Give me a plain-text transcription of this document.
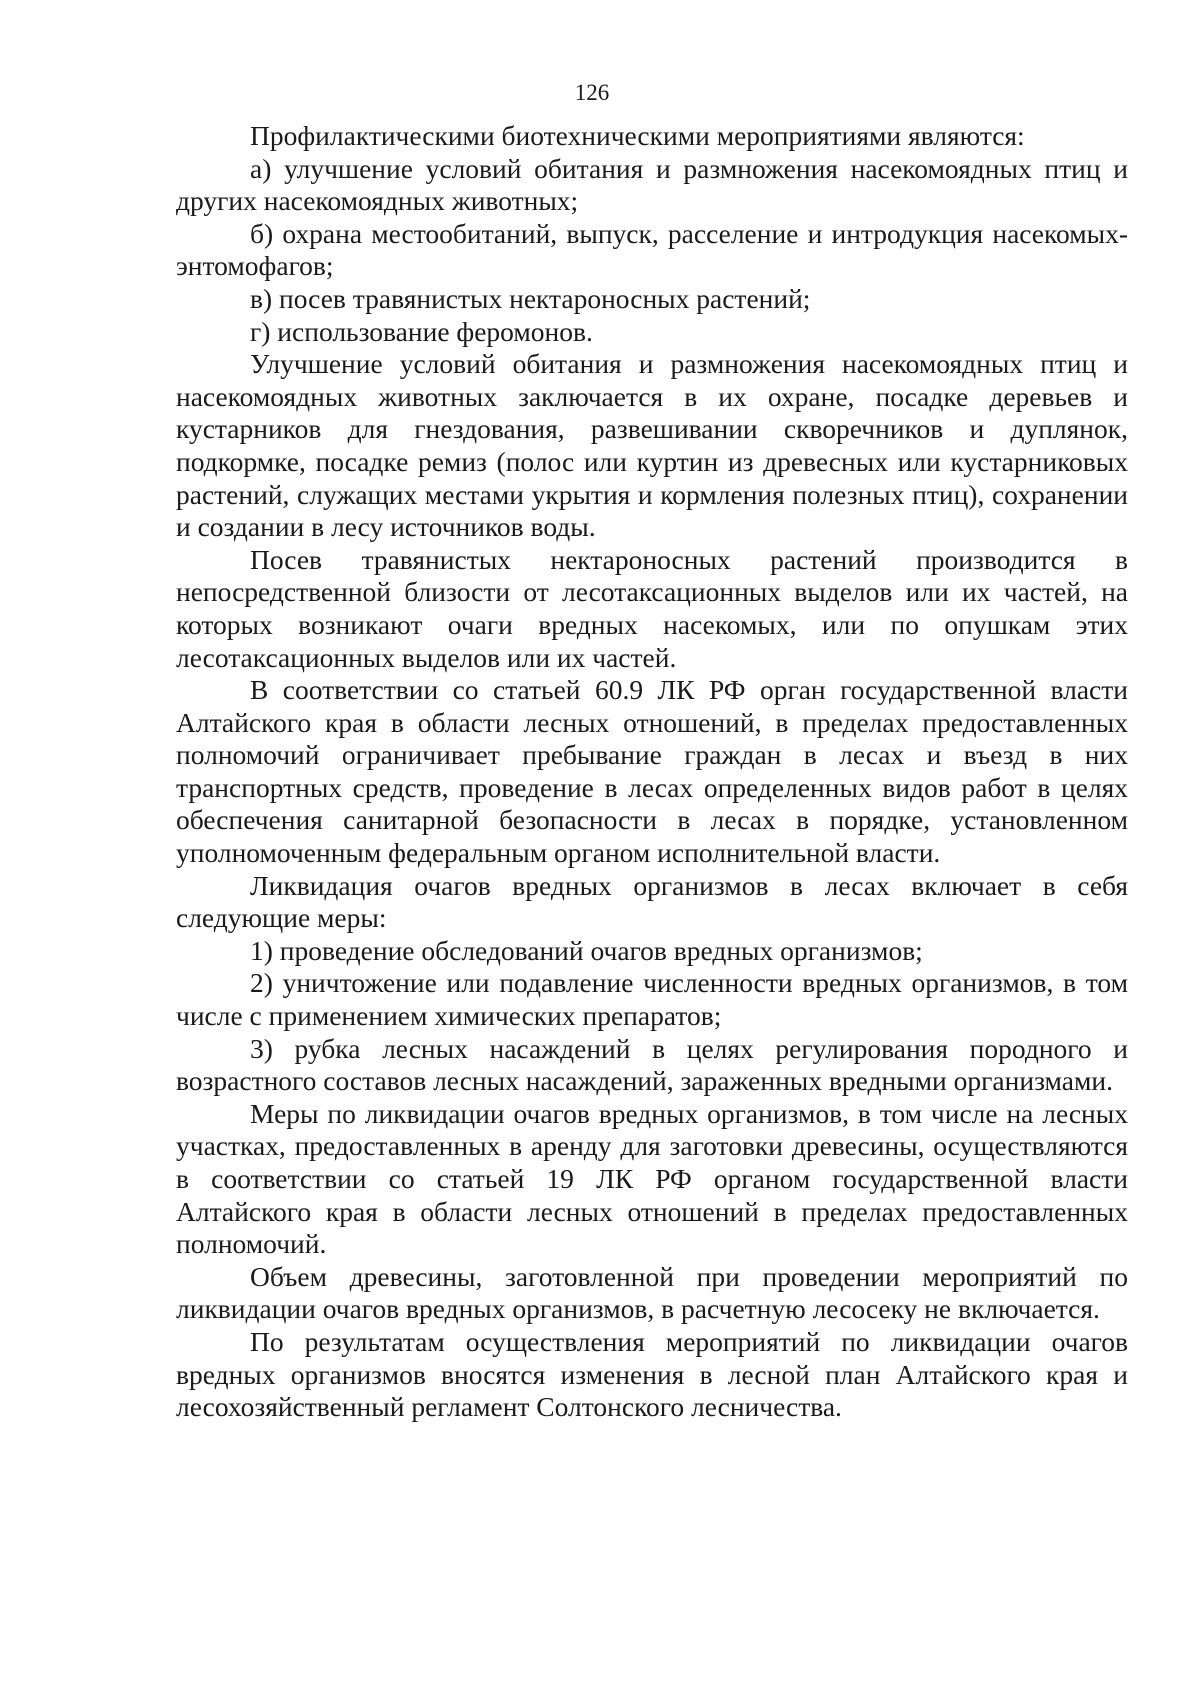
126

Профилактическими биотехническими мероприятиями являются:

а) улучшение условий обитания и размножения насекомоядных птиц и других насекомоядных животных;

б) охрана местообитаний, выпуск, расселение и интродукция насекомых-энтомофагов;

в) посев травянистых нектароносных растений;

г) использование феромонов.

Улучшение условий обитания и размножения насекомоядных птиц и насекомоядных животных заключается в их охране, посадке деревьев и кустарников для гнездования, развешивании скворечников и дуплянок, подкормке, посадке ремиз (полос или куртин из древесных или кустарниковых растений, служащих местами укрытия и кормления полезных птиц), сохранении и создании в лесу источников воды.

Посев травянистых нектароносных растений производится в непосредственной близости от лесотаксационных выделов или их частей, на которых возникают очаги вредных насекомых, или по опушкам этих лесотаксационных выделов или их частей.

В соответствии со статьей 60.9 ЛК РФ орган государственной власти Алтайского края в области лесных отношений, в пределах предоставленных полномочий ограничивает пребывание граждан в лесах и въезд в них транспортных средств, проведение в лесах определенных видов работ в целях обеспечения санитарной безопасности в лесах в порядке, установленном уполномоченным федеральным органом исполнительной власти.

Ликвидация очагов вредных организмов в лесах включает в себя следующие меры:

1) проведение обследований очагов вредных организмов;

2) уничтожение или подавление численности вредных организмов, в том числе с применением химических препаратов;

3) рубка лесных насаждений в целях регулирования породного и возрастного составов лесных насаждений, зараженных вредными организмами.

Меры по ликвидации очагов вредных организмов, в том числе на лесных участках, предоставленных в аренду для заготовки древесины, осуществляются в соответствии со статьей 19 ЛК РФ органом государственной власти Алтайского края в области лесных отношений в пределах предоставленных полномочий.

Объем древесины, заготовленной при проведении мероприятий по ликвидации очагов вредных организмов, в расчетную лесосеку не включается.

По результатам осуществления мероприятий по ликвидации очагов вредных организмов вносятся изменения в лесной план Алтайского края и лесохозяйственный регламент Солтонского лесничества.
